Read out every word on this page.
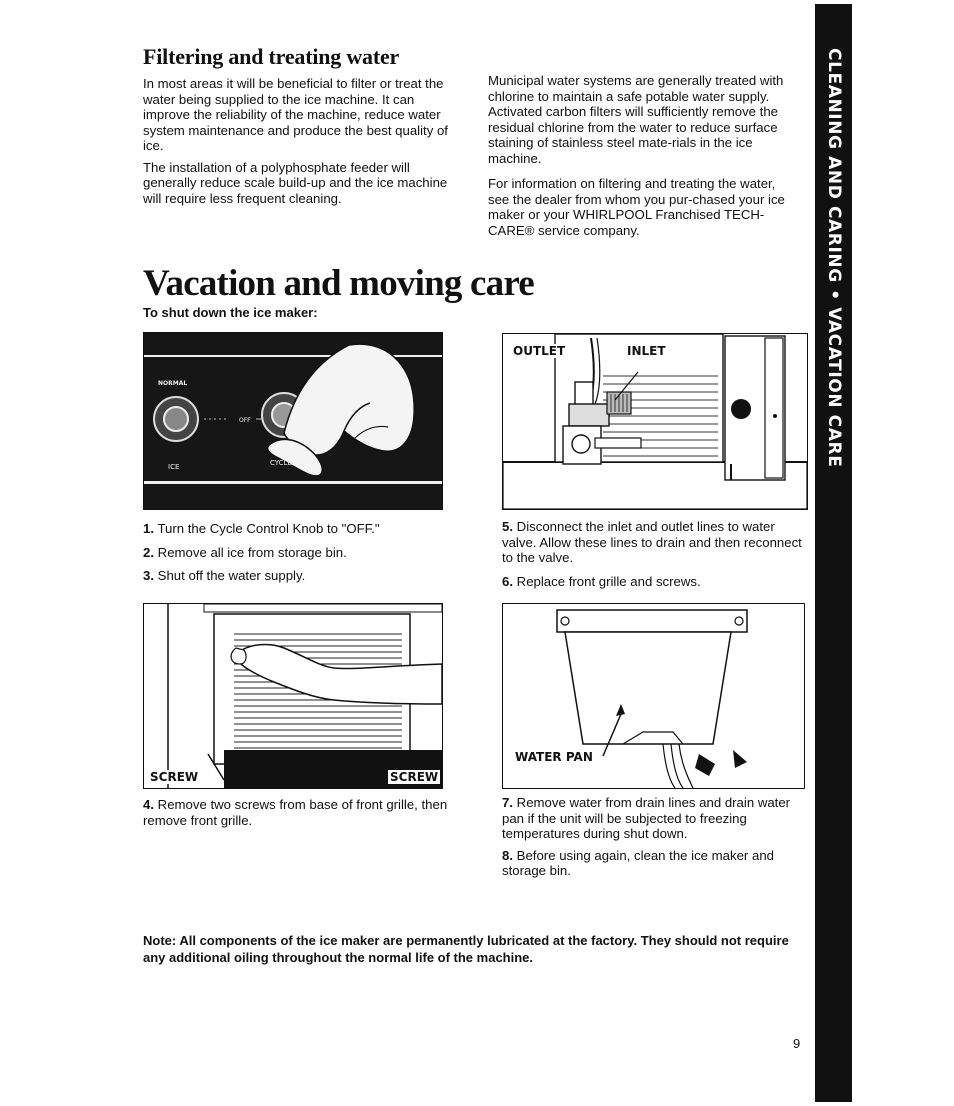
CLEANING AND CARING • VACATION CARE
Filtering and treating water

In most areas it will be beneficial to filter or treat the water being supplied to the ice machine. It can improve the reliability of the machine, reduce water system maintenance and produce the best quality of ice.

The installation of a polyphosphate feeder will generally reduce scale build-up and the ice machine will require less frequent cleaning.

Municipal water systems are generally treated with chlorine to maintain a safe potable water supply. Activated carbon filters will sufficiently remove the residual chlorine from the water to reduce surface staining of stainless steel mate-rials in the ice machine.

For information on filtering and treating the water, see the dealer from whom you pur-chased your ice maker or your WHIRLPOOL Franchised TECH-CARE® service company.

Vacation and moving care
To shut down the ice maker:
NORMAL
OFF
ICE	CYCLE
OUTLET	INLET

1. Turn the Cycle Control Knob to "OFF."

2. Remove all ice from storage bin.

3. Shut off the water supply.

5. Disconnect the inlet and outlet lines to water valve. Allow these lines to drain and then reconnect to the valve.

6. Replace front grille and screws.

SCREW	SCREW
WATER PAN

4. Remove two screws from base of front grille, then remove front grille.

7. Remove water from drain lines and drain water pan if the unit will be subjected to freezing temperatures during shut down.

8. Before using again, clean the ice maker and storage bin.

Note: All components of the ice maker are permanently lubricated at the factory. They should not require any additional oiling throughout the normal life of the machine.

9
